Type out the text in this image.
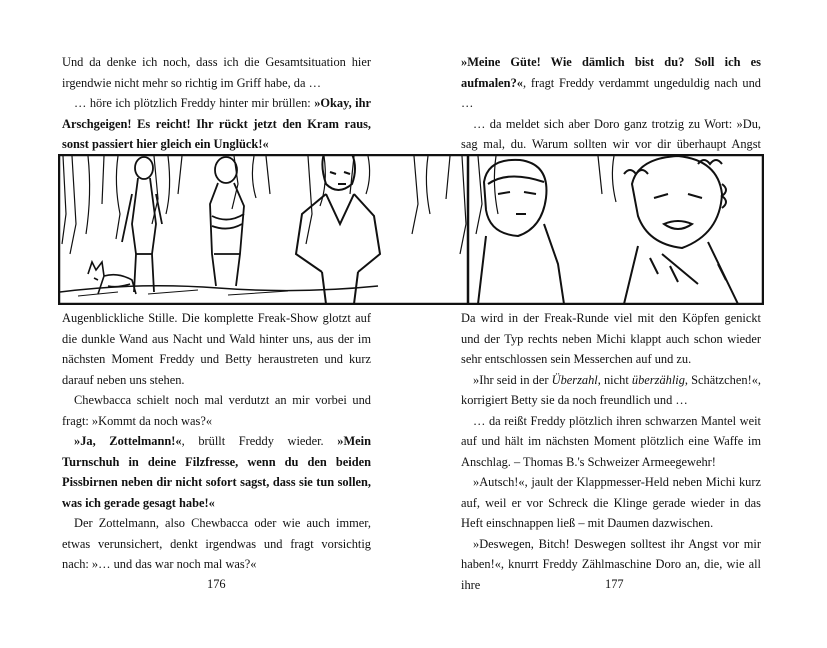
Und da denke ich noch, dass ich die Gesamtsituation hier irgendwie nicht mehr so richtig im Griff habe, da …

… höre ich plötzlich Freddy hinter mir brüllen: »Okay, ihr Arschgeigen! Es reicht! Ihr rückt jetzt den Kram raus, sonst passiert hier gleich ein Unglück!«

»Meine Güte! Wie dämlich bist du? Soll ich es aufmalen?«, fragt Freddy verdammt ungeduldig nach und …

… da meldet sich aber Doro ganz trotzig zu Wort: »Du, sag mal, du. Warum sollten wir vor dir überhaupt Angst

Augenblickliche Stille. Die komplette Freak-Show glotzt auf die dunkle Wand aus Nacht und Wald hinter uns, aus der im nächsten Moment Freddy und Betty heraustreten und kurz darauf neben uns stehen.

Chewbacca schielt noch mal verdutzt an mir vorbei und fragt: »Kommt da noch was?«

»Ja, Zottelmann!«, brüllt Freddy wieder. »Mein Turnschuh in deine Filzfresse, wenn du den beiden Pissbirnen neben dir nicht sofort sagst, dass sie tun sollen, was ich gerade gesagt habe!«

Der Zottelmann, also Chewbacca oder wie auch immer, etwas verunsichert, denkt irgendwas und fragt vorsichtig nach: »… und das war noch mal was?«

Da wird in der Freak-Runde viel mit den Köpfen genickt und der Typ rechts neben Michi klappt auch schon wieder sehr entschlossen sein Messerchen auf und zu.

»Ihr seid in der Überzahl, nicht überzählig, Schätzchen!«, korrigiert Betty sie da noch freundlich und …

… da reißt Freddy plötzlich ihren schwarzen Mantel weit auf und hält im nächsten Moment plötzlich eine Waffe im Anschlag. – Thomas B.'s Schweizer Armeegewehr!

»Autsch!«, jault der Klappmesser-Held neben Michi kurz auf, weil er vor Schreck die Klinge gerade wieder in das Heft einschnappen ließ – mit Daumen dazwischen.

»Deswegen, Bitch! Deswegen solltest ihr Angst vor mir haben!«, knurrt Freddy Zählmaschine Doro an, die, wie all ihre

176	177
